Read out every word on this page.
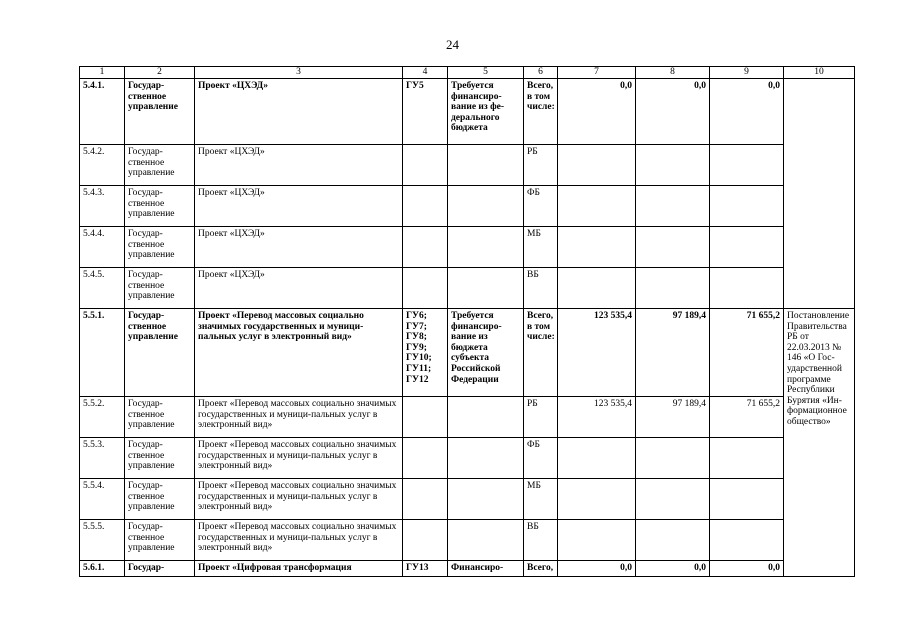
24
1	2	3	4	5	6	7	8	9	10
5.4.1.	Государ-ственное управление	Проект «ЦХЭД»	ГУ5	Требуется финансиро-вание из фе-дерального бюджета	Всего, в том числе:	0,0	0,0	0,0	
5.4.2.	Государ-ственное управление	Проект «ЦХЭД»			РБ				
5.4.3.	Государ-ственное управление	Проект «ЦХЭД»			ФБ				
5.4.4.	Государ-ственное управление	Проект «ЦХЭД»			МБ				
5.4.5.	Государ-ственное управление	Проект «ЦХЭД»			ВБ				
5.5.1.	Государ-ственное управление	Проект «Перевод массовых социально значимых государственных и муници-пальных услуг в электронный вид»	ГУ6; ГУ7; ГУ8; ГУ9; ГУ10; ГУ11; ГУ12	Требуется финансиро-вание из бюджета субъекта Российской Федерации	Всего, в том числе:	123 535,4	97 189,4	71 655,2	Постановление Правительства РБ от 22.03.2013 № 146 «О Гос-ударственной программе Республики Бурятия «Ин-формационное общество»
5.5.2.	Государ-ственное управление	Проект «Перевод массовых социально значимых государственных и муници-пальных услуг в электронный вид»			РБ	123 535,4	97 189,4	71 655,2	
5.5.3.	Государ-ственное управление	Проект «Перевод массовых социально значимых государственных и муници-пальных услуг в электронный вид»			ФБ				
5.5.4.	Государ-ственное управление	Проект «Перевод массовых социально значимых государственных и муници-пальных услуг в электронный вид»			МБ				
5.5.5.	Государ-ственное управление	Проект «Перевод массовых социально значимых государственных и муници-пальных услуг в электронный вид»			ВБ				
5.6.1.	Государ-	Проект «Цифровая трансформация	ГУ13	Финансиро-	Всего,	0,0	0,0	0,0	
